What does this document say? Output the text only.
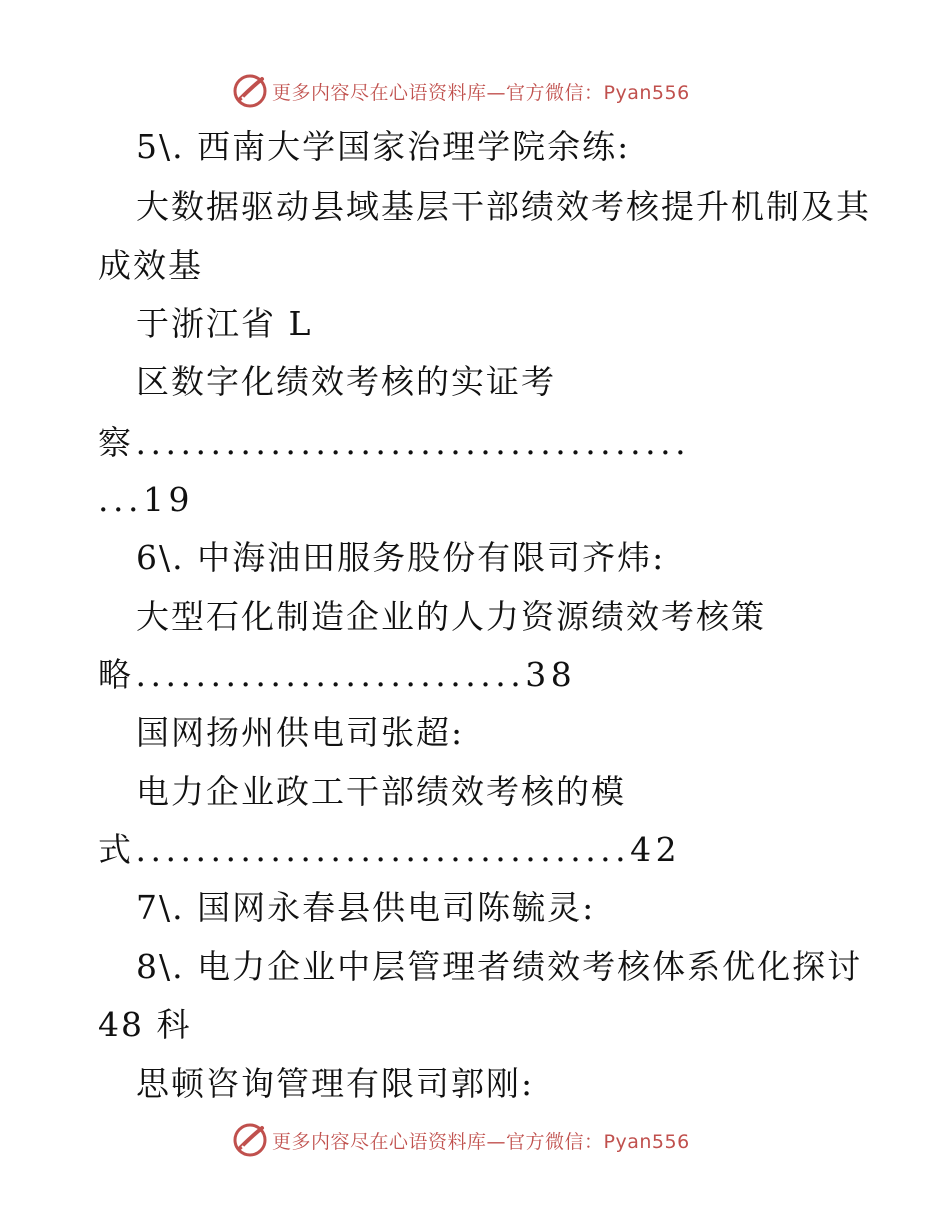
更多内容尽在心语资料库—官方微信：Pyan556
5\. 西南大学国家治理学院余练:
大数据驱动县域基层干部绩效考核提升机制及其
成效基
于浙江省 L
区数字化绩效考核的实证考
察.....................................
...19
6\. 中海油田服务股份有限司齐炜:
大型石化制造企业的人力资源绩效考核策
略..........................38
国网扬州供电司张超:
电力企业政工干部绩效考核的模
式.................................42
7\. 国网永春县供电司陈毓灵:
8\. 电力企业中层管理者绩效考核体系优化探讨
48 科
思顿咨询管理有限司郭刚:
更多内容尽在心语资料库—官方微信：Pyan556
